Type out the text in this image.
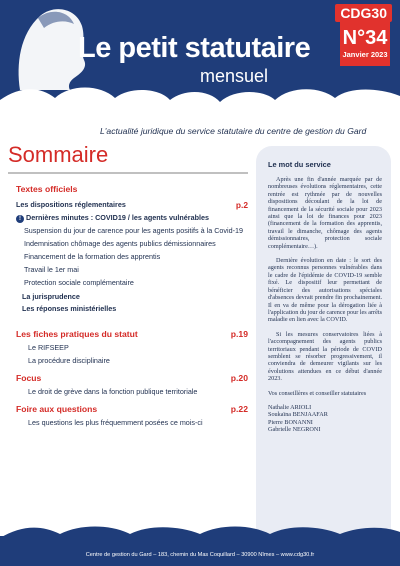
CDG30
Le petit statutaire
mensuel
N°34
Janvier 2023
L'actualité juridique du service statutaire du centre de gestion du Gard
Sommaire
Textes officiels
Les dispositions réglementaires	p.2
! Dernières minutes : COVID19 / les agents vulnérables
Suspension du jour de carence pour les agents positifs à la Covid-19
Indemnisation chômage des agents publics démissionnaires
Financement de la formation des apprentis
Travail le 1er mai
Protection sociale complémentaire
La jurisprudence
Les réponses ministérielles
Les fiches pratiques du statut	p.19
Le RIFSEEP
La procédure disciplinaire
Focus	p.20
Le droit de grève dans la fonction publique territoriale
Foire aux questions	p.22
Les questions les plus fréquemment posées ce mois-ci
Le mot du service

Après une fin d'année marquée par de nombreuses évolutions réglementaires, cette rentrée est rythmée par de nouvelles dispositions découlant de la loi de financement de la sécurité sociale pour 2023 ainsi que la loi de finances pour 2023 (financement de la formation des apprentis, travail le dimanche, chômage des agents démissionnaires, protection sociale complémentaire…).

Dernière évolution en date : le sort des agents reconnus personnes vulnérables dans le cadre de l'épidémie de COVID-19 semble fixé. Le dispositif leur permettant de bénéficier des autorisations spéciales d'absences devrait prendre fin prochainement. Il en va de même pour la dérogation liée à l'application du jour de carence pour les arrêts maladie en lien avec la COVID.

Si les mesures conservatoires liées à l'accompagnement des agents publics territoriaux pendant la période de COVID semblent se résorber progressivement, il conviendra de demeurer vigilants sur les évolutions attendues en ce début d'année 2023.

Vos conseillères et conseiller statutaires

Nathalie ARIOLI
Soukaïna BENJAAFAR
Pierre BONANNI
Gabrielle NEGRONI
Centre de gestion du Gard – 183, chemin du Mas Coquillard – 30900 Nîmes – www.cdg30.fr
